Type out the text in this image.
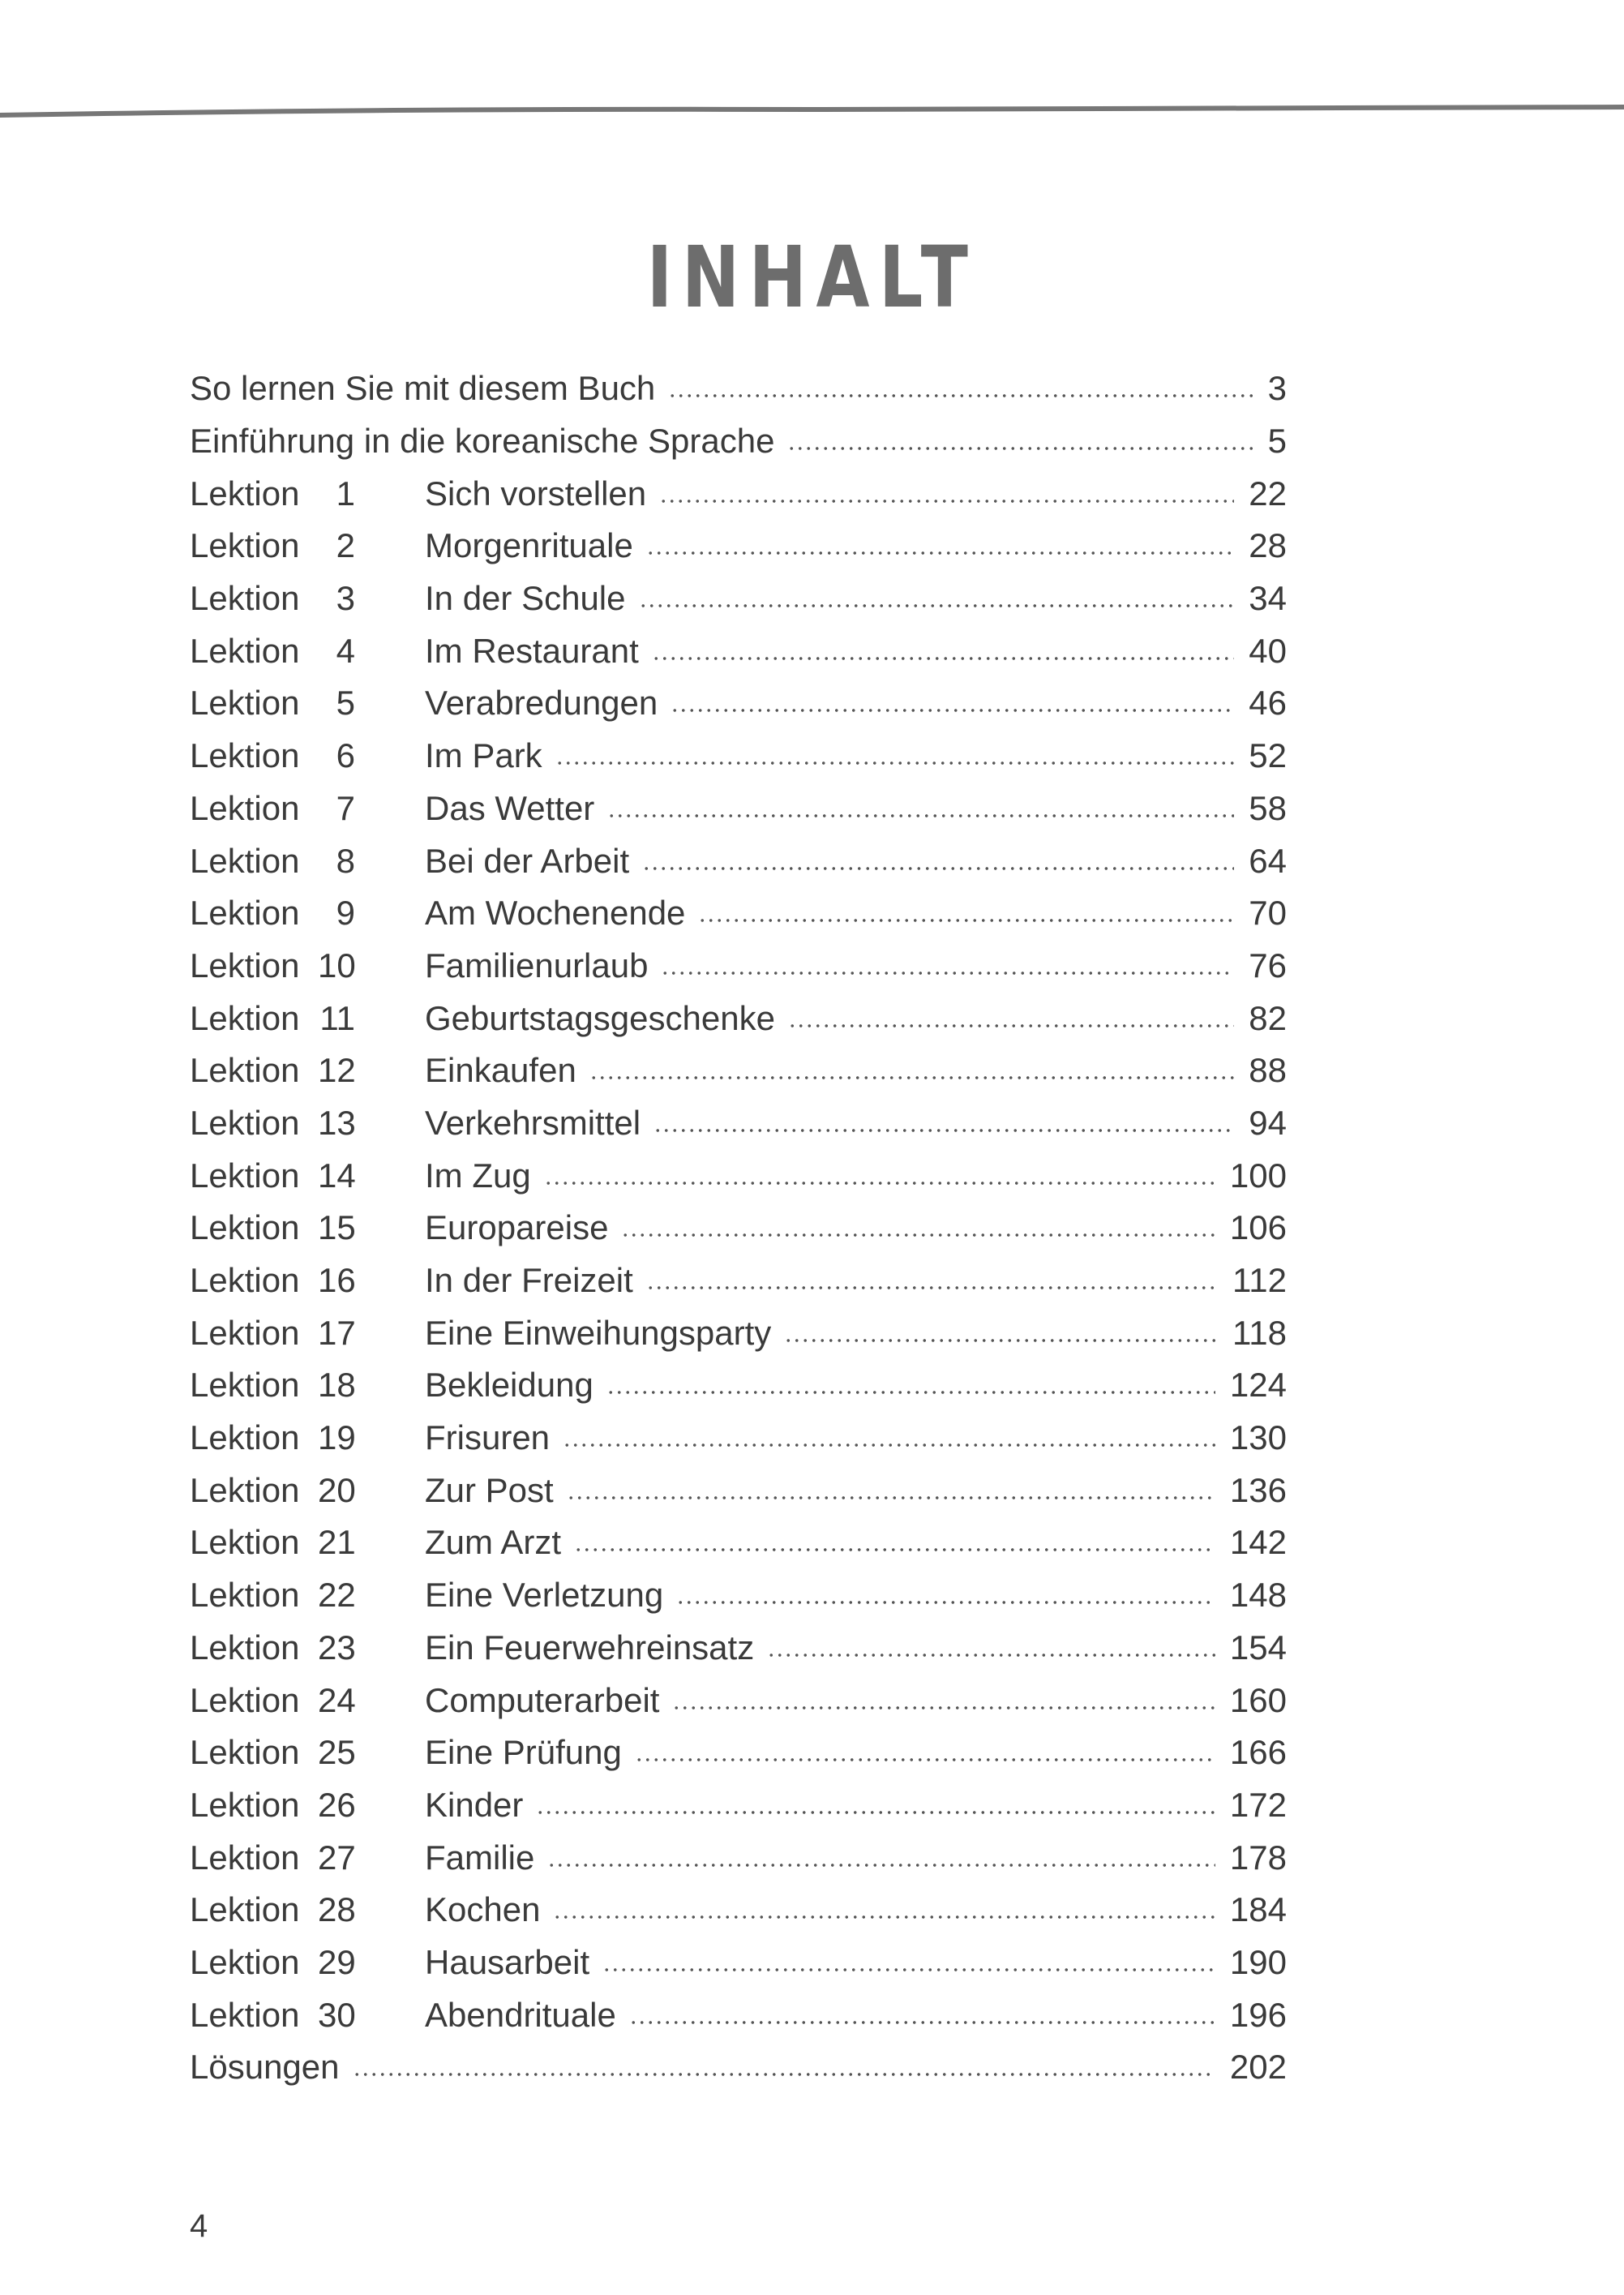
INHALT
So lernen Sie mit diesem Buch	3
Einführung in die koreanische Sprache	5
Lektion	1 Sich vorstellen	22
Lektion	2 Morgenrituale	28
Lektion	3 In der Schule	34
Lektion	4 Im Restaurant	40
Lektion	5 Verabredungen	46
Lektion	6 Im Park	52
Lektion	7 Das Wetter	58
Lektion	8 Bei der Arbeit	64
Lektion	9 Am Wochenende	70
Lektion 10 Familienurlaub	76
Lektion 11 Geburtstagsgeschenke	82
Lektion 12 Einkaufen	88
Lektion 13 Verkehrsmittel	94
Lektion 14 Im Zug	100
Lektion 15 Europareise	106
Lektion 16 In der Freizeit	112
Lektion 17 Eine Einweihungsparty	118
Lektion 18 Bekleidung	124
Lektion 19 Frisuren	130
Lektion 20 Zur Post	136
Lektion 21 Zum Arzt	142
Lektion 22 Eine Verletzung	148
Lektion 23 Ein Feuerwehreinsatz	154
Lektion 24 Computerarbeit	160
Lektion 25 Eine Prüfung	166
Lektion 26 Kinder	172
Lektion 27 Familie	178
Lektion 28 Kochen	184
Lektion 29 Hausarbeit	190
Lektion 30 Abendrituale	196
Lösungen	202
4
